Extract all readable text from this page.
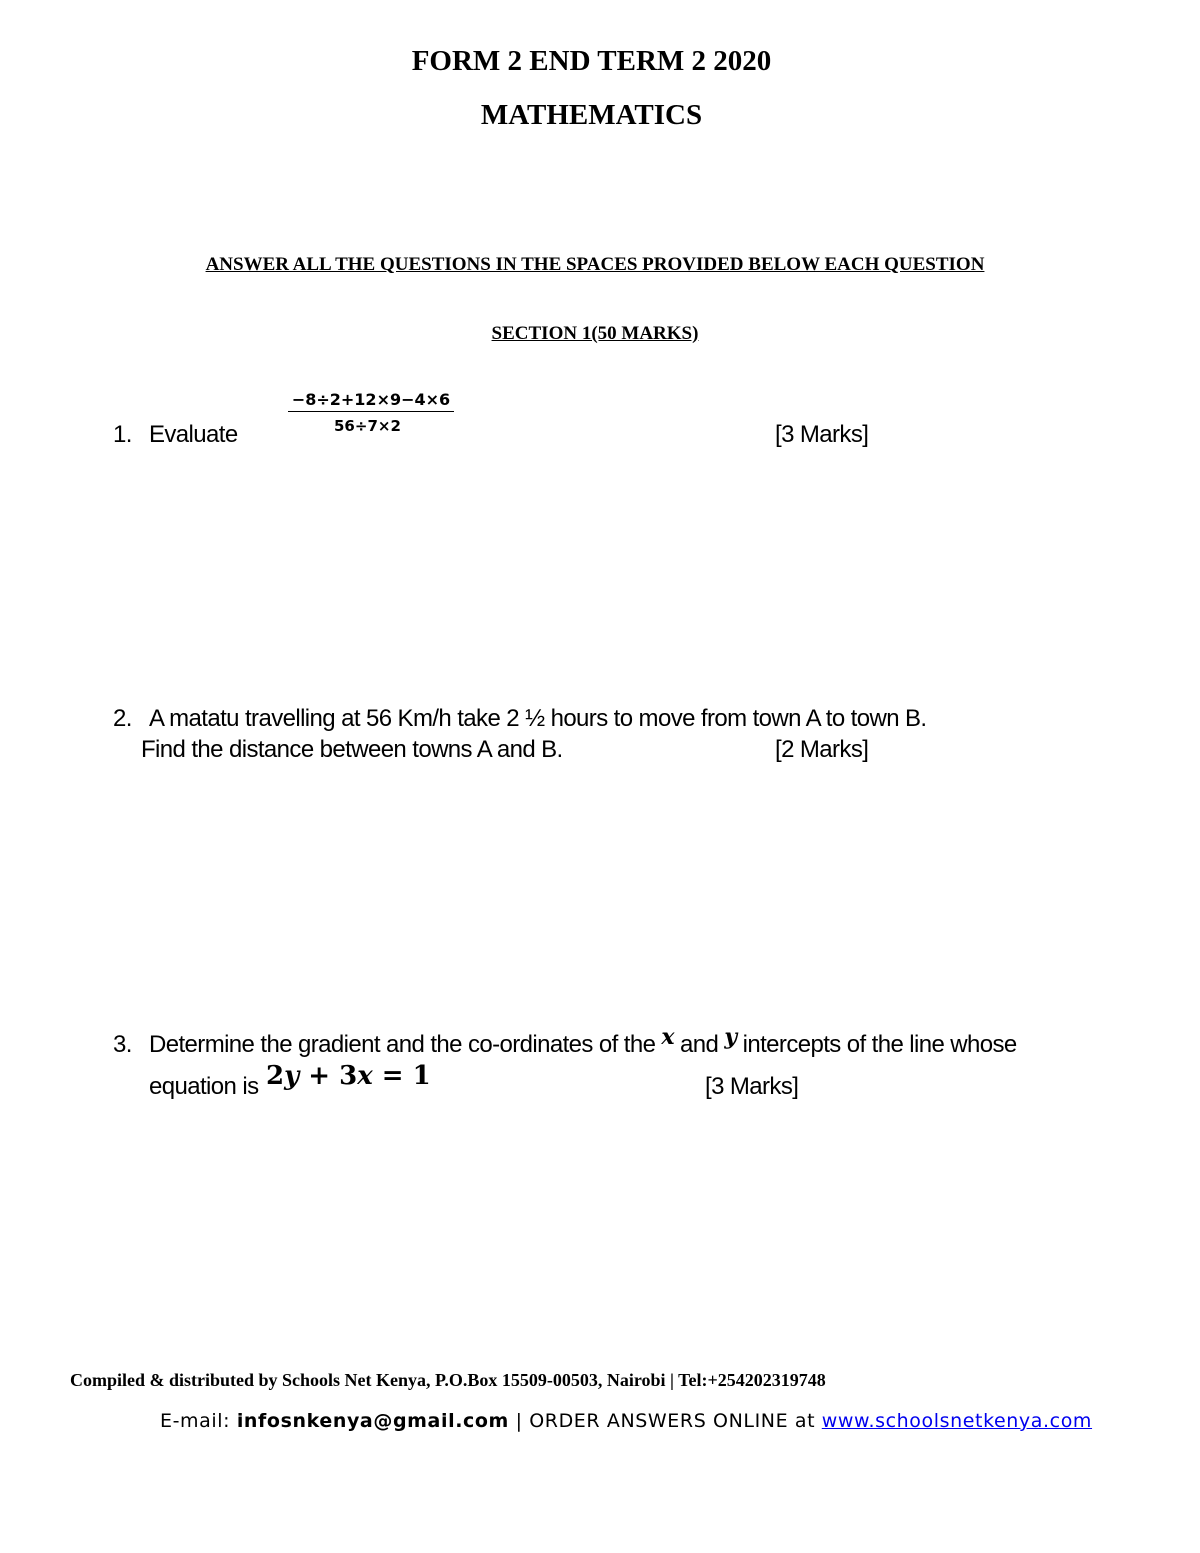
FORM 2 END TERM 2 2020
MATHEMATICS
ANSWER ALL THE QUESTIONS IN THE SPACES PROVIDED BELOW EACH QUESTION
SECTION 1(50 MARKS)
1. Evaluate	$\frac{-8\div 2+12\times 9-4\times 6}{56\div 7\times 2}$	[3 Marks]
2. A matatu travelling at 56 Km/h take 2 ½ hours to move from town A to town B.
Find the distance between towns A and B.	[2 Marks]
3. Determine the gradient and the co-ordinates of the x and y intercepts of the line whose
equation is 2y + 3x = 1	[3 Marks]
Compiled & distributed by Schools Net Kenya, P.O.Box 15509-00503, Nairobi | Tel:+254202319748
E-mail: infosnkenya@gmail.com | ORDER ANSWERS ONLINE at www.schoolsnetkenya.com
